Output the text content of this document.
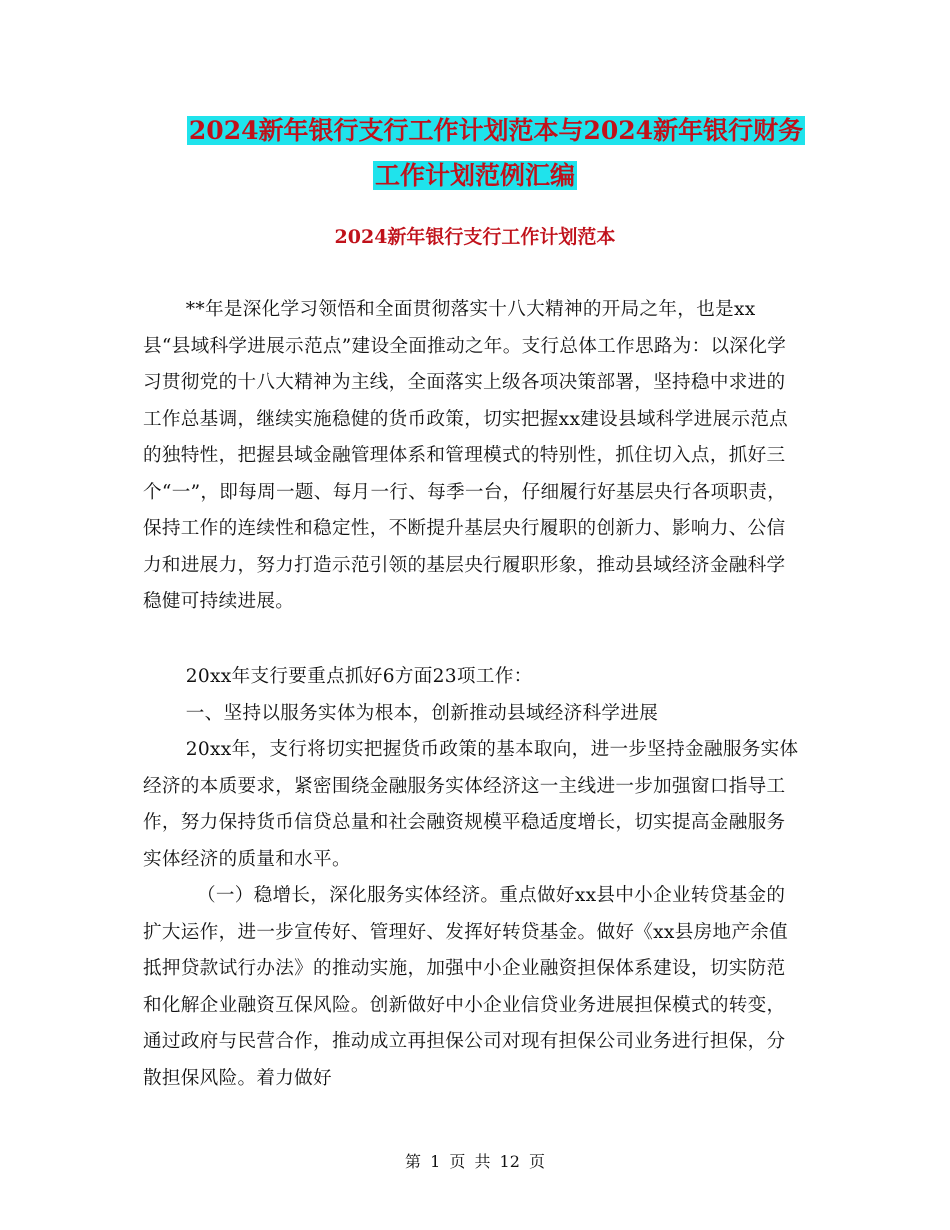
2024新年银行支行工作计划范本与2024新年银行财务
工作计划范例汇编
2024新年银行支行工作计划范本

**年是深化学习领悟和全面贯彻落实十八大精神的开局之年，也是xx县“县域科学进展示范点”建设全面推动之年。支行总体工作思路为：以深化学习贯彻党的十八大精神为主线，全面落实上级各项决策部署，坚持稳中求进的工作总基调，继续实施稳健的货币政策，切实把握xx建设县域科学进展示范点的独特性，把握县域金融管理体系和管理模式的特别性，抓住切入点，抓好三个“一”，即每周一题、每月一行、每季一台，仔细履行好基层央行各项职责，保持工作的连续性和稳定性，不断提升基层央行履职的创新力、影响力、公信力和进展力，努力打造示范引领的基层央行履职形象，推动县域经济金融科学稳健可持续进展。

20xx年支行要重点抓好6方面23项工作：

一、坚持以服务实体为根本，创新推动县域经济科学进展

20xx年，支行将切实把握货币政策的基本取向，进一步坚持金融服务实体经济的本质要求，紧密围绕金融服务实体经济这一主线进一步加强窗口指导工作，努力保持货币信贷总量和社会融资规模平稳适度增长，切实提高金融服务实体经济的质量和水平。

（一）稳增长，深化服务实体经济。重点做好xx县中小企业转贷基金的扩大运作，进一步宣传好、管理好、发挥好转贷基金。做好《xx县房地产余值抵押贷款试行办法》的推动实施，加强中小企业融资担保体系建设，切实防范和化解企业融资互保风险。创新做好中小企业信贷业务进展担保模式的转变，通过政府与民营合作，推动成立再担保公司对现有担保公司业务进行担保，分散担保风险。着力做好

第 1 页 共 12 页
